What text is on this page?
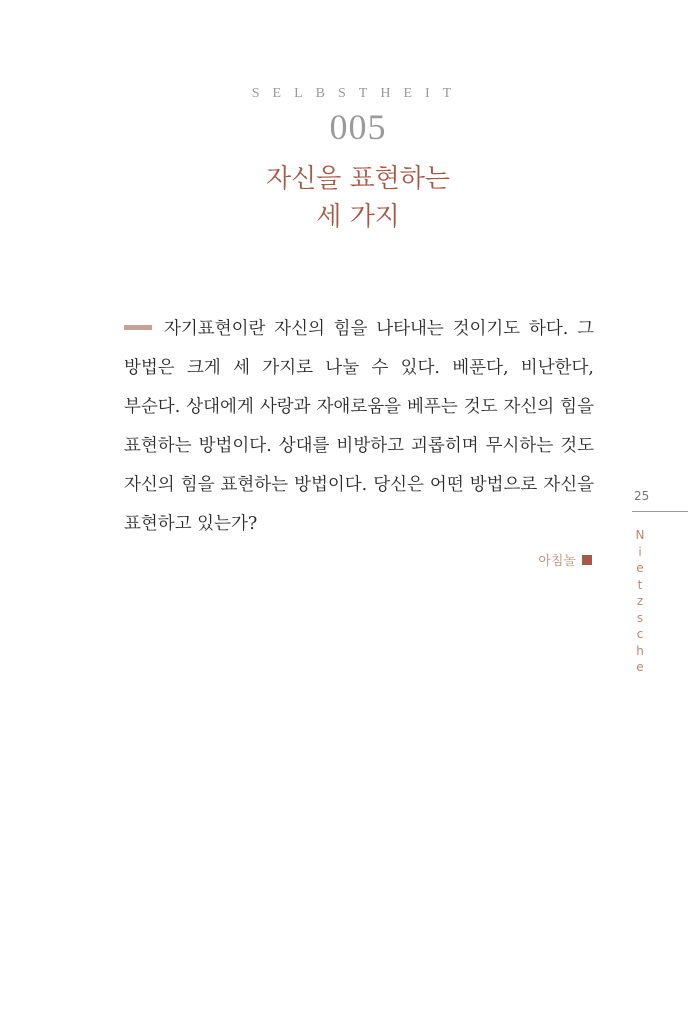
SELBSTHEIT
005
자신을 표현하는
세 가지
자기표현이란 자신의 힘을 나타내는 것이기도 하다. 그 방법은 크게 세 가지로 나눌 수 있다. 베푼다, 비난한다, 부순다. 상대에게 사랑과 자애로움을 베푸는 것도 자신의 힘을 표현하는 방법이다. 상대를 비방하고 괴롭히며 무시하는 것도 자신의 힘을 표현하는 방법이다. 당신은 어떤 방법으로 자신을 표현하고 있는가?
아침놀
25
N
i
e
t
z
s
c
h
e
